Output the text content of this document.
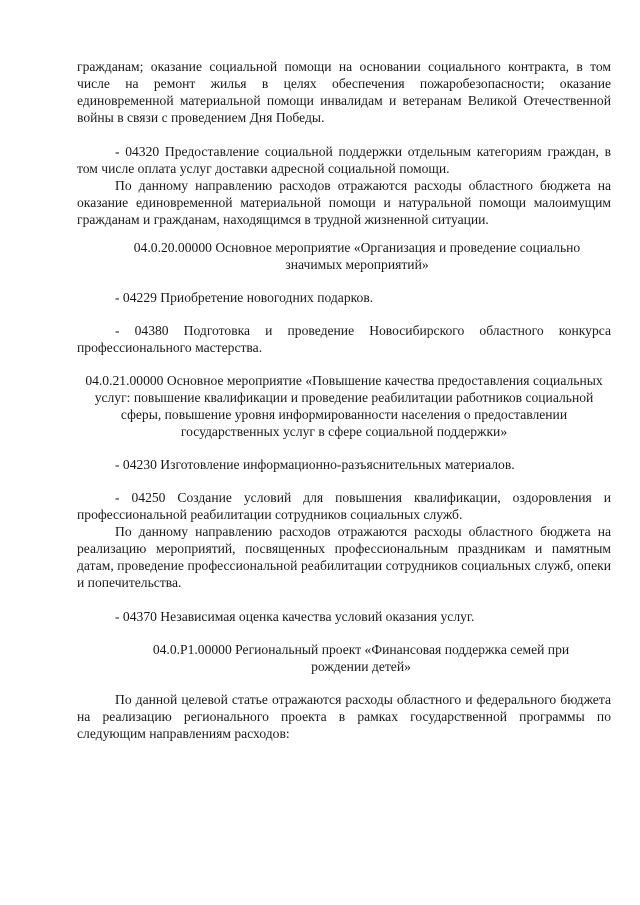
гражданам; оказание социальной помощи на основании социального контракта, в том числе на ремонт жилья в целях обеспечения пожаробезопасности; оказание единовременной материальной помощи инвалидам и ветеранам Великой Отечественной войны в связи с проведением Дня Победы.

- 04320 Предоставление социальной поддержки отдельным категориям граждан, в том числе оплата услуг доставки адресной социальной помощи.

По данному направлению расходов отражаются расходы областного бюджета на оказание единовременной материальной помощи и натуральной помощи малоимущим гражданам и гражданам, находящимся в трудной жизненной ситуации.

04.0.20.00000 Основное мероприятие «Организация и проведение социально значимых мероприятий»

- 04229 Приобретение новогодних подарков.

- 04380 Подготовка и проведение Новосибирского областного конкурса профессионального мастерства.

04.0.21.00000 Основное мероприятие «Повышение качества предоставления социальных услуг: повышение квалификации и проведение реабилитации работников социальной сферы, повышение уровня информированности населения о предоставлении государственных услуг в сфере социальной поддержки»

- 04230 Изготовление информационно-разъяснительных материалов.

- 04250 Создание условий для повышения квалификации, оздоровления и профессиональной реабилитации сотрудников социальных служб.

По данному направлению расходов отражаются расходы областного бюджета на реализацию мероприятий, посвященных профессиональным праздникам и памятным датам, проведение профессиональной реабилитации сотрудников социальных служб, опеки и попечительства.

- 04370 Независимая оценка качества условий оказания услуг.

04.0.P1.00000 Региональный проект «Финансовая поддержка семей при рождении детей»

По данной целевой статье отражаются расходы областного и федерального бюджета на реализацию регионального проекта в рамках государственной программы по следующим направлениям расходов:
